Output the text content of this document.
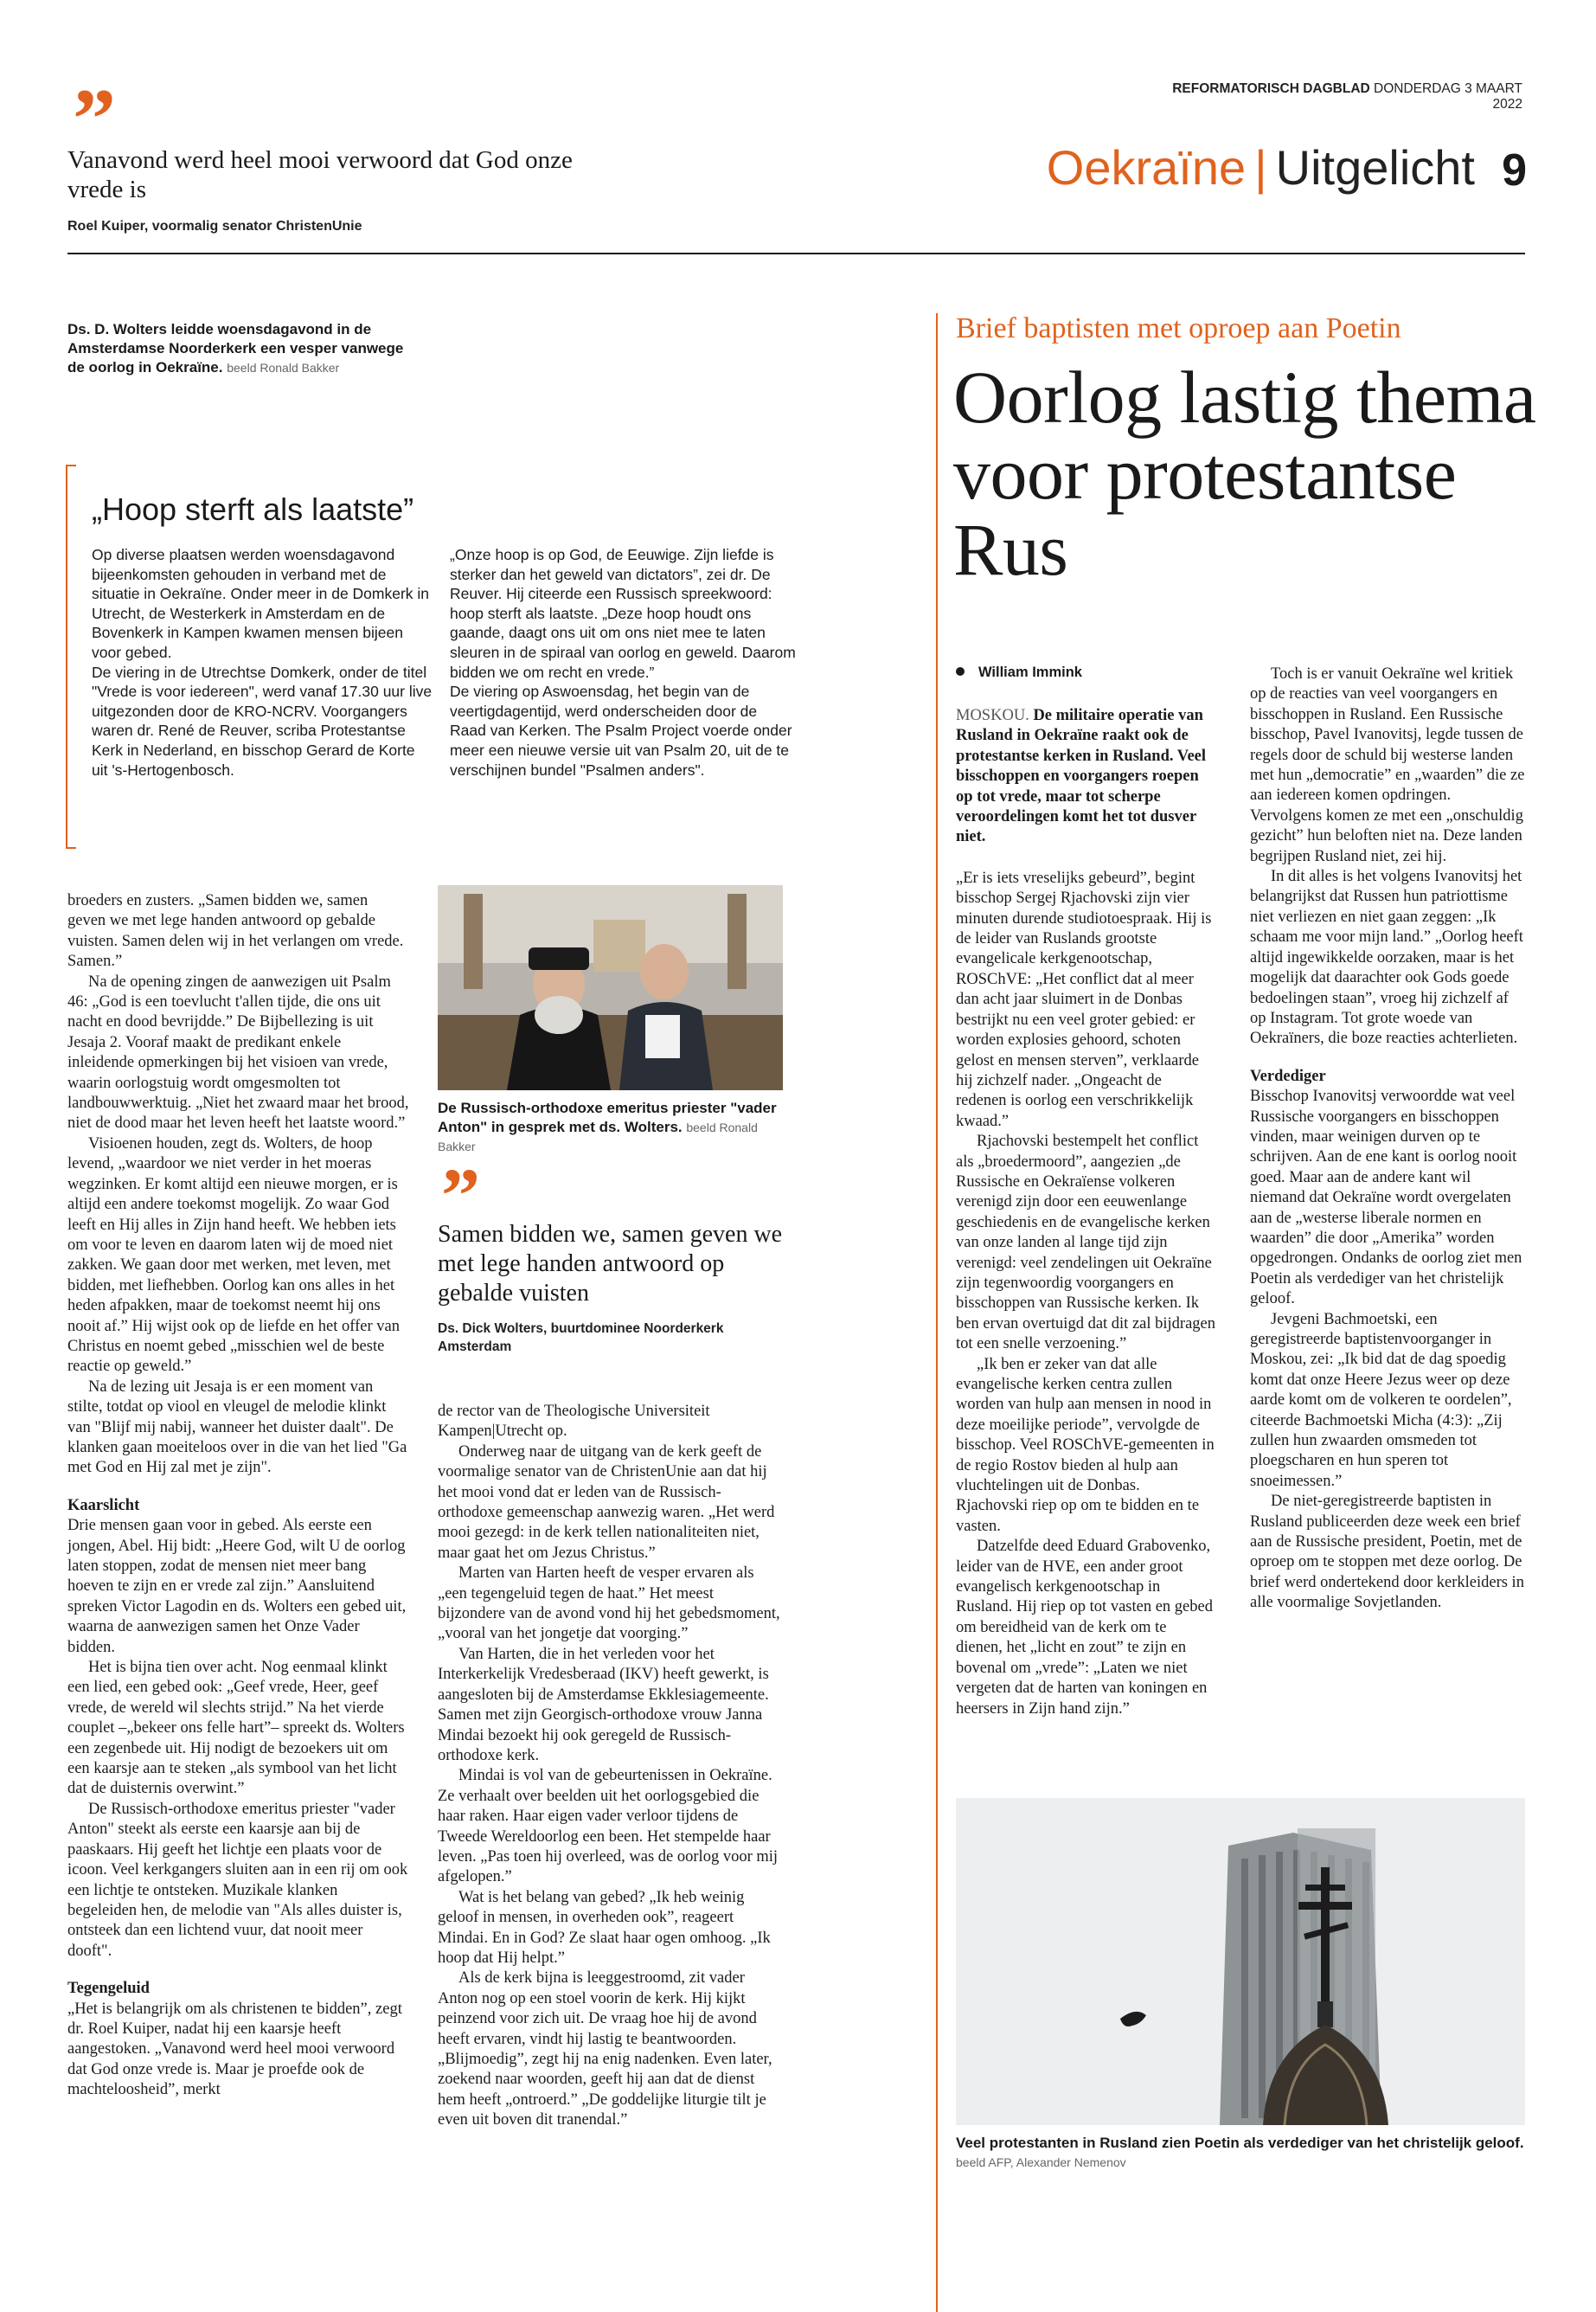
REFORMATORISCH DAGBLAD DONDERDAG 3 MAART 2022
Oekraïne | Uitgelicht 9
”
Vanavond werd heel mooi verwoord dat God onze vrede is
Roel Kuiper, voormalig senator ChristenUnie
Ds. D. Wolters leidde woensdagavond in de Amsterdamse Noorderkerk een vesper vanwege de oorlog in Oekraïne. beeld Ronald Bakker
„Hoop sterft als laatste”

Op diverse plaatsen werden woensdagavond bijeenkomsten gehouden in verband met de situatie in Oekraïne. Onder meer in de Domkerk in Utrecht, de Westerkerk in Amsterdam en de Bovenkerk in Kampen kwamen mensen bijeen voor gebed.

De viering in de Utrechtse Domkerk, onder de titel "Vrede is voor iedereen", werd vanaf 17.30 uur live uitgezonden door de KRO-NCRV. Voorgangers waren dr. René de Reuver, scriba Protestantse Kerk in Nederland, en bisschop Gerard de Korte uit 's-Hertogenbosch.

„Onze hoop is op God, de Eeuwige. Zijn liefde is sterker dan het geweld van dictators”, zei dr. De Reuver. Hij citeerde een Russisch spreekwoord: hoop sterft als laatste. „Deze hoop houdt ons gaande, daagt ons uit om ons niet mee te laten sleuren in de spiraal van oorlog en geweld. Daarom bidden we om recht en vrede.”

De viering op Aswoensdag, het begin van de veertigdagentijd, werd onderscheiden door de Raad van Kerken. The Psalm Project voerde onder meer een nieuwe versie uit van Psalm 20, uit de te verschijnen bundel "Psalmen anders".

broeders en zusters. „Samen bidden we, samen geven we met lege handen antwoord op gebalde vuisten. Samen delen wij in het verlangen om vrede. Samen.”

Na de opening zingen de aanwezigen uit Psalm 46: „God is een toevlucht t'allen tijde, die ons uit nacht en dood bevrijdde.” De Bijbellezing is uit Jesaja 2. Vooraf maakt de predikant enkele inleidende opmerkingen bij het visioen van vrede, waarin oorlogstuig wordt omgesmolten tot landbouwwerktuig. „Niet het zwaard maar het brood, niet de dood maar het leven heeft het laatste woord.”

Visioenen houden, zegt ds. Wolters, de hoop levend, „waardoor we niet verder in het moeras wegzinken. Er komt altijd een nieuwe morgen, er is altijd een andere toekomst mogelijk. Zo waar God leeft en Hij alles in Zijn hand heeft. We hebben iets om voor te leven en daarom laten wij de moed niet zakken. We gaan door met werken, met leven, met bidden, met liefhebben. Oorlog kan ons alles in het heden afpakken, maar de toekomst neemt hij ons nooit af.” Hij wijst ook op de liefde en het offer van Christus en noemt gebed „misschien wel de beste reactie op geweld.”

Na de lezing uit Jesaja is er een moment van stilte, totdat op viool en vleugel de melodie klinkt van "Blijf mij nabij, wanneer het duister daalt". De klanken gaan moeiteloos over in die van het lied "Ga met God en Hij zal met je zijn".

Kaarslicht

Drie mensen gaan voor in gebed. Als eerste een jongen, Abel. Hij bidt: „Heere God, wilt U de oorlog laten stoppen, zodat de mensen niet meer bang hoeven te zijn en er vrede zal zijn.” Aansluitend spreken Victor Lagodin en ds. Wolters een gebed uit, waarna de aanwezigen samen het Onze Vader bidden.

Het is bijna tien over acht. Nog eenmaal klinkt een lied, een gebed ook: „Geef vrede, Heer, geef vrede, de wereld wil slechts strijd.” Na het vierde couplet –„bekeer ons felle hart”– spreekt ds. Wolters een zegenbede uit. Hij nodigt de bezoekers uit om een kaarsje aan te steken „als symbool van het licht dat de duisternis overwint.”

De Russisch-orthodoxe emeritus priester "vader Anton" steekt als eerste een kaarsje aan bij de paaskaars. Hij geeft het lichtje een plaats voor de icoon. Veel kerkgangers sluiten aan in een rij om ook een lichtje te ontsteken. Muzikale klanken begeleiden hen, de melodie van "Als alles duister is, ontsteek dan een lichtend vuur, dat nooit meer dooft".

Tegengeluid

„Het is belangrijk om als christenen te bidden”, zegt dr. Roel Kuiper, nadat hij een kaarsje heeft aangestoken. „Vanavond werd heel mooi verwoord dat God onze vrede is. Maar je proefde ook de machteloosheid”, merkt

De Russisch-orthodoxe emeritus priester "vader Anton" in gesprek met ds. Wolters. beeld Ronald Bakker
”
Samen bidden we, samen geven we met lege handen antwoord op gebalde vuisten
Ds. Dick Wolters, buurtdominee Noorderkerk Amsterdam

de rector van de Theologische Universiteit Kampen|Utrecht op.

Onderweg naar de uitgang van de kerk geeft de voormalige senator van de ChristenUnie aan dat hij het mooi vond dat er leden van de Russisch-orthodoxe gemeenschap aanwezig waren. „Het werd mooi gezegd: in de kerk tellen nationaliteiten niet, maar gaat het om Jezus Christus.”

Marten van Harten heeft de vesper ervaren als „een tegengeluid tegen de haat.” Het meest bijzondere van de avond vond hij het gebedsmoment, „vooral van het jongetje dat voorging.”

Van Harten, die in het verleden voor het Interkerkelijk Vredesberaad (IKV) heeft gewerkt, is aangesloten bij de Amsterdamse Ekklesiagemeente. Samen met zijn Georgisch-orthodoxe vrouw Janna Mindai bezoekt hij ook geregeld de Russisch-orthodoxe kerk.

Mindai is vol van de gebeurtenissen in Oekraïne. Ze verhaalt over beelden uit het oorlogsgebied die haar raken. Haar eigen vader verloor tijdens de Tweede Wereldoorlog een been. Het stempelde haar leven. „Pas toen hij overleed, was de oorlog voor mij afgelopen.”

Wat is het belang van gebed? „Ik heb weinig geloof in mensen, in overheden ook”, reageert Mindai. En in God? Ze slaat haar ogen omhoog. „Ik hoop dat Hij helpt.”

Als de kerk bijna is leeggestroomd, zit vader Anton nog op een stoel voorin de kerk. Hij kijkt peinzend voor zich uit. De vraag hoe hij de avond heeft ervaren, vindt hij lastig te beantwoorden. „Blijmoedig”, zegt hij na enig nadenken. Even later, zoekend naar woorden, geeft hij aan dat de dienst hem heeft „ontroerd.” „De goddelijke liturgie tilt je even uit boven dit tranendal.”

Brief baptisten met oproep aan Poetin
Oorlog lastig thema voor protestantse Rus
William Immink

MOSKOU. De militaire operatie van Rusland in Oekraïne raakt ook de protestantse kerken in Rusland. Veel bisschoppen en voorgangers roepen op tot vrede, maar tot scherpe veroordelingen komt het tot dusver niet.

„Er is iets vreselijks gebeurd”, begint bisschop Sergej Rjachovski zijn vier minuten durende studiotoespraak. Hij is de leider van Ruslands grootste evangelicale kerkgenootschap, ROSChVE: „Het conflict dat al meer dan acht jaar sluimert in de Donbas bestrijkt nu een veel groter gebied: er worden explosies gehoord, schoten gelost en mensen sterven”, verklaarde hij zichzelf nader. „Ongeacht de redenen is oorlog een verschrikkelijk kwaad.”

Rjachovski bestempelt het conflict als „broedermoord”, aangezien „de Russische en Oekraïense volkeren verenigd zijn door een eeuwenlange geschiedenis en de evangelische kerken van onze landen al lange tijd zijn verenigd: veel zendelingen uit Oekraïne zijn tegenwoordig voorgangers en bisschoppen van Russische kerken. Ik ben ervan overtuigd dat dit zal bijdragen tot een snelle verzoening.”

„Ik ben er zeker van dat alle evangelische kerken centra zullen worden van hulp aan mensen in nood in deze moeilijke periode”, vervolgde de bisschop. Veel ROSChVE-gemeenten in de regio Rostov bieden al hulp aan vluchtelingen uit de Donbas. Rjachovski riep op om te bidden en te vasten.

Datzelfde deed Eduard Grabovenko, leider van de HVE, een ander groot evangelisch kerkgenootschap in Rusland. Hij riep op tot vasten en gebed om bereidheid van de kerk om te dienen, het „licht en zout” te zijn en bovenal om „vrede”: „Laten we niet vergeten dat de harten van koningen en heersers in Zijn hand zijn.”

Toch is er vanuit Oekraïne wel kritiek op de reacties van veel voorgangers en bisschoppen in Rusland. Een Russische bisschop, Pavel Ivanovitsj, legde tussen de regels door de schuld bij westerse landen met hun „democratie” en „waarden” die ze aan iedereen komen opdringen. Vervolgens komen ze met een „onschuldig gezicht” hun beloften niet na. Deze landen begrijpen Rusland niet, zei hij.

In dit alles is het volgens Ivanovitsj het belangrijkst dat Russen hun patriottisme niet verliezen en niet gaan zeggen: „Ik schaam me voor mijn land.” „Oorlog heeft altijd ingewikkelde oorzaken, maar is het mogelijk dat daarachter ook Gods goede bedoelingen staan”, vroeg hij zichzelf af op Instagram. Tot grote woede van Oekraïners, die boze reacties achterlieten.

Verdediger

Bisschop Ivanovitsj verwoordde wat veel Russische voorgangers en bisschoppen vinden, maar weinigen durven op te schrijven. Aan de ene kant is oorlog nooit goed. Maar aan de andere kant wil niemand dat Oekraïne wordt overgelaten aan de „westerse liberale normen en waarden” die door „Amerika” worden opgedrongen. Ondanks de oorlog ziet men Poetin als verdediger van het christelijk geloof.

Jevgeni Bachmoetski, een geregistreerde baptistenvoorganger in Moskou, zei: „Ik bid dat de dag spoedig komt dat onze Heere Jezus weer op deze aarde komt om de volkeren te oordelen”, citeerde Bachmoetski Micha (4:3): „Zij zullen hun zwaarden omsmeden tot ploegscharen en hun speren tot snoeimessen.”

De niet-geregistreerde baptisten in Rusland publiceerden deze week een brief aan de Russische president, Poetin, met de oproep om te stoppen met deze oorlog. De brief werd ondertekend door kerkleiders in alle voormalige Sovjetlanden.

Veel protestanten in Rusland zien Poetin als verdediger van het christelijk geloof. beeld AFP, Alexander Nemenov
